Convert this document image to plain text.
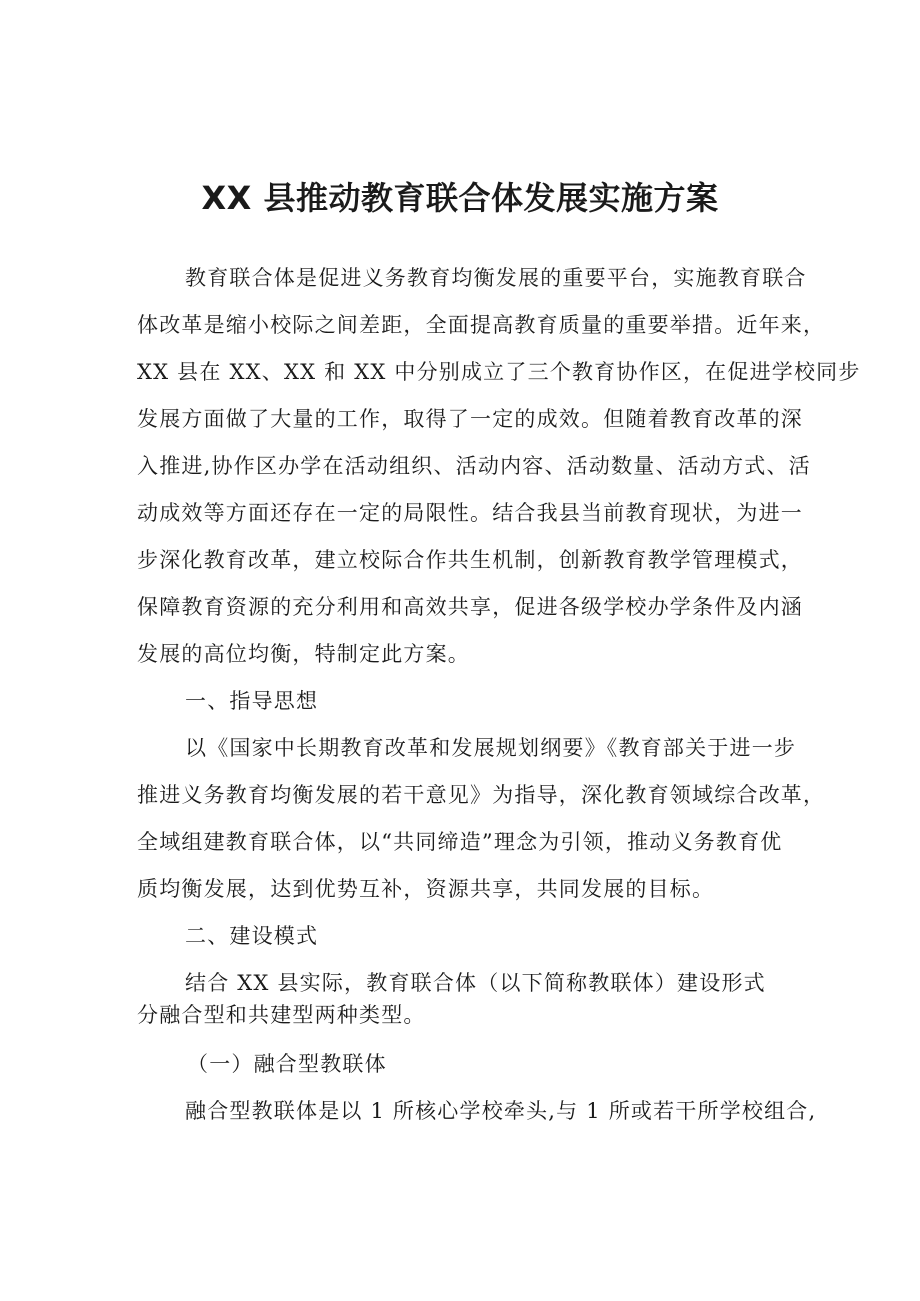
XX 县推动教育联合体发展实施方案
教育联合体是促进义务教育均衡发展的重要平台，实施教育联合
体改革是缩小校际之间差距，全面提高教育质量的重要举措。近年来，
XX 县在 XX、XX 和 XX 中分别成立了三个教育协作区，在促进学校同步
发展方面做了大量的工作，取得了一定的成效。但随着教育改革的深
入推进,协作区办学在活动组织、活动内容、活动数量、活动方式、活
动成效等方面还存在一定的局限性。结合我县当前教育现状，为进一
步深化教育改革，建立校际合作共生机制，创新教育教学管理模式，
保障教育资源的充分利用和高效共享，促进各级学校办学条件及内涵
发展的高位均衡，特制定此方案。
一、指导思想
以《国家中长期教育改革和发展规划纲要》《教育部关于进一步
推进义务教育均衡发展的若干意见》为指导，深化教育领域综合改革，
全域组建教育联合体，以“共同缔造”理念为引领，推动义务教育优
质均衡发展，达到优势互补，资源共享，共同发展的目标。
二、建设模式
结合 XX 县实际，教育联合体（以下简称教联体）建设形式
分融合型和共建型两种类型。
（一）融合型教联体
融合型教联体是以 1 所核心学校牵头,与 1 所或若干所学校组合,
